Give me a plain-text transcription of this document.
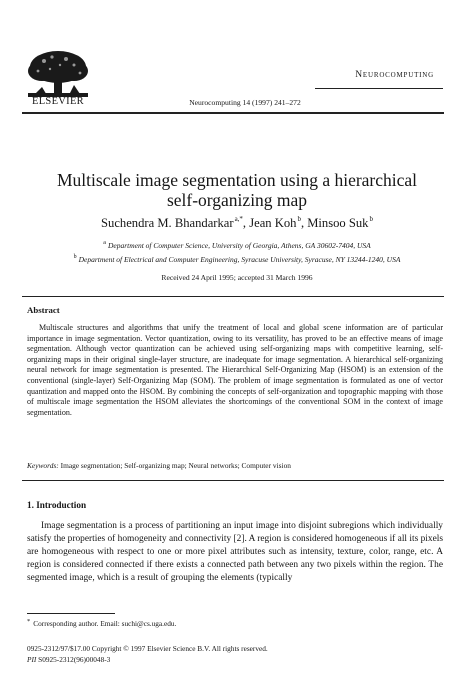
ELSEVIER	Neurocomputing 14 (1997) 241–272
Neurocomputing
Multiscale image segmentation using a hierarchical
self-organizing map
Suchendra M. Bhandarkar$^{a,*}$, Jean Koh$^b$, Minsoo Suk$^b$
$^a$ Department of Computer Science, University of Georgia, Athens, GA 30602-7404, USA
$^b$ Department of Electrical and Computer Engineering, Syracuse University, Syracuse, NY 13244-1240, USA
Received 24 April 1995; accepted 31 March 1996
Abstract

Multiscale structures and algorithms that unify the treatment of local and global scene information are of particular importance in image segmentation. Vector quantization, owing to its versatility, has proved to be an effective means of image segmentation. Although vector quantization can be achieved using self-organizing maps with competitive learning, self-organizing maps in their original single-layer structure, are inadequate for image segmentation. A hierarchical self-organizing neural network for image segmentation is presented. The Hierarchical Self-Organizing Map (HSOM) is an extension of the conventional (single-layer) Self-Organizing Map (SOM). The problem of image segmentation is formulated as one of vector quantization and mapped onto the HSOM. By combining the concepts of self-organization and topographic mapping with those of multiscale image segmentation the HSOM alleviates the shortcomings of the conventional SOM in the context of image segmentation.

Keywords: Image segmentation; Self-organizing map; Neural networks; Computer vision
1. Introduction

Image segmentation is a process of partitioning an input image into disjoint subregions which individually satisfy the properties of homogeneity and connectivity [2]. A region is considered homogeneous if all its pixels are homogeneous with respect to one or more pixel attributes such as intensity, texture, color, range, etc. A region is considered connected if there exists a connected path between any two pixels within the region. The segmented image, which is a result of grouping the elements (typically

* Corresponding author. Email: suchi@cs.uga.edu.
0925-2312/97/$17.00 Copyright © 1997 Elsevier Science B.V. All rights reserved.
PII S0925-2312(96)00048-3
